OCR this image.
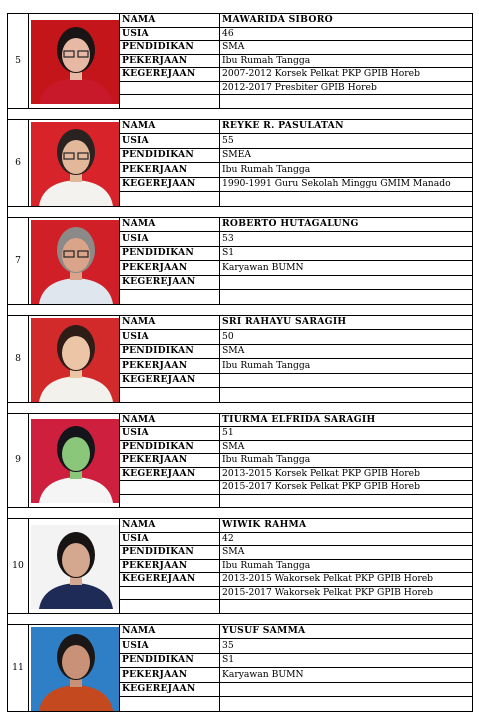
5		NAMA	MAWARIDA SIBORO
		USIA	46
		PENDIDIKAN	SMA
		PEKERJAAN	Ibu Rumah Tangga
		KEGEREJAAN	2007-2012 Korsek Pelkat PKP GPIB Horeb
			2012-2017 Presbiter GPIB Horeb

6		NAMA	REYKE R. PASULATAN
		USIA	55
		PENDIDIKAN	SMEA
		PEKERJAAN	Ibu Rumah Tangga
		KEGEREJAAN	1990-1991 Guru Sekolah Minggu GMIM Manado

7		NAMA	ROBERTO HUTAGALUNG
		USIA	53
		PENDIDIKAN	S1
		PEKERJAAN	Karyawan BUMN
		KEGEREJAAN	

8		NAMA	SRI RAHAYU SARAGIH
		USIA	50
		PENDIDIKAN	SMA
		PEKERJAAN	Ibu Rumah Tangga
		KEGEREJAAN	

9		NAMA	TIURMA ELFRIDA SARAGIH
		USIA	51
		PENDIDIKAN	SMA
		PEKERJAAN	Ibu Rumah Tangga
		KEGEREJAAN	2013-2015 Korsek Pelkat PKP GPIB Horeb
			2015-2017 Korsek Pelkat PKP GPIB Horeb

10		NAMA	WIWIK RAHMA
		USIA	42
		PENDIDIKAN	SMA
		PEKERJAAN	Ibu Rumah Tangga
		KEGEREJAAN	2013-2015 Wakorsek Pelkat PKP GPIB Horeb
			2015-2017 Wakorsek Pelkat PKP GPIB Horeb

11		NAMA	YUSUF SAMMA
		USIA	35
		PENDIDIKAN	S1
		PEKERJAAN	Karyawan BUMN
		KEGEREJAAN	
